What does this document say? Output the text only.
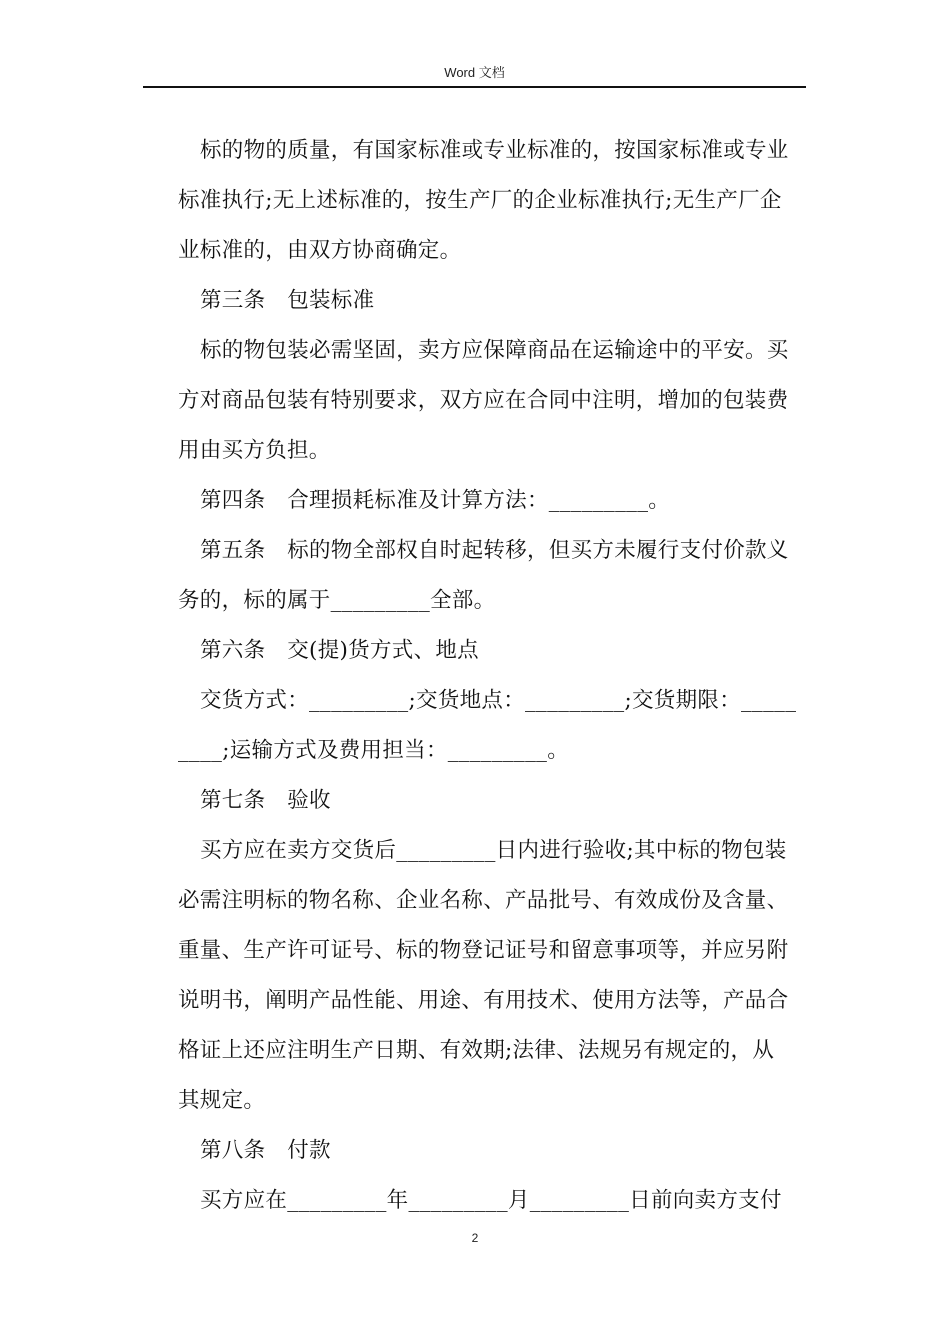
Word 文档
标的物的质量，有国家标准或专业标准的，按国家标准或专业
标准执行;无上述标准的，按生产厂的企业标准执行;无生产厂企
业标准的，由双方协商确定。
第三条　包装标准
标的物包装必需坚固，卖方应保障商品在运输途中的平安。买
方对商品包装有特别要求，双方应在合同中注明，增加的包装费
用由买方负担。
第四条　合理损耗标准及计算方法：_________。
第五条　标的物全部权自时起转移，但买方未履行支付价款义
务的，标的属于_________全部。
第六条　交(提)货方式、地点
交货方式：_________;交货地点：_________;交货期限：_____
____;运输方式及费用担当：_________。
第七条　验收
买方应在卖方交货后_________日内进行验收;其中标的物包装
必需注明标的物名称、企业名称、产品批号、有效成份及含量、
重量、生产许可证号、标的物登记证号和留意事项等，并应另附
说明书，阐明产品性能、用途、有用技术、使用方法等，产品合
格证上还应注明生产日期、有效期;法律、法规另有规定的，从
其规定。
第八条　付款
买方应在_________年_________月_________日前向卖方支付
2
